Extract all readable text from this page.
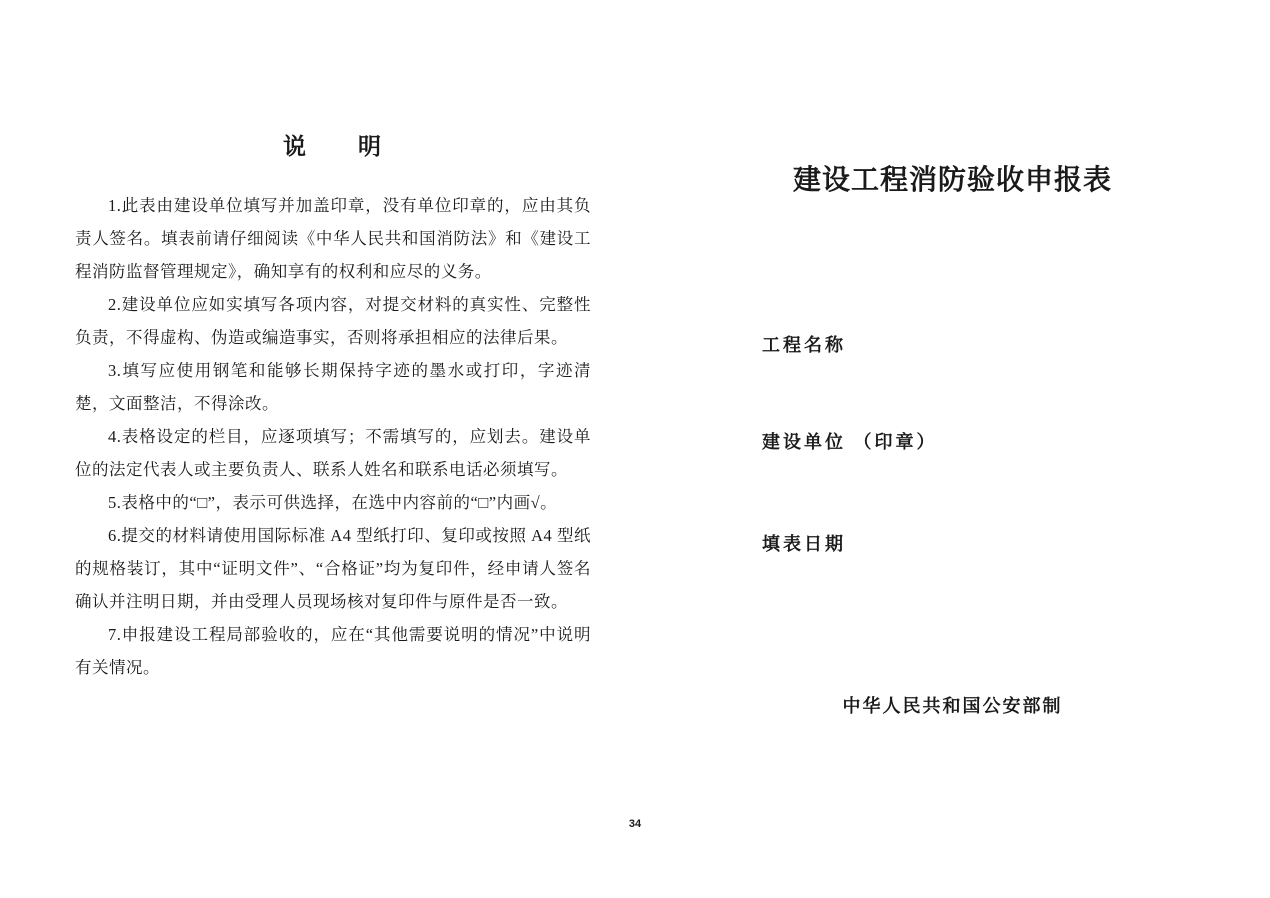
说　　明

1.此表由建设单位填写并加盖印章，没有单位印章的，应由其负责人签名。填表前请仔细阅读《中华人民共和国消防法》和《建设工程消防监督管理规定》，确知享有的权利和应尽的义务。

2.建设单位应如实填写各项内容，对提交材料的真实性、完整性负责，不得虚构、伪造或编造事实，否则将承担相应的法律后果。

3.填写应使用钢笔和能够长期保持字迹的墨水或打印，字迹清楚，文面整洁，不得涂改。

4.表格设定的栏目，应逐项填写；不需填写的，应划去。建设单位的法定代表人或主要负责人、联系人姓名和联系电话必须填写。

5.表格中的“□”，表示可供选择，在选中内容前的“□”内画√。

6.提交的材料请使用国际标准 A4 型纸打印、复印或按照 A4 型纸的规格装订，其中“证明文件”、“合格证”均为复印件，经申请人签名确认并注明日期，并由受理人员现场核对复印件与原件是否一致。

7.申报建设工程局部验收的，应在“其他需要说明的情况”中说明有关情况。

建设工程消防验收申报表
工程名称
建设单位 （印章）
填表日期
中华人民共和国公安部制
34
